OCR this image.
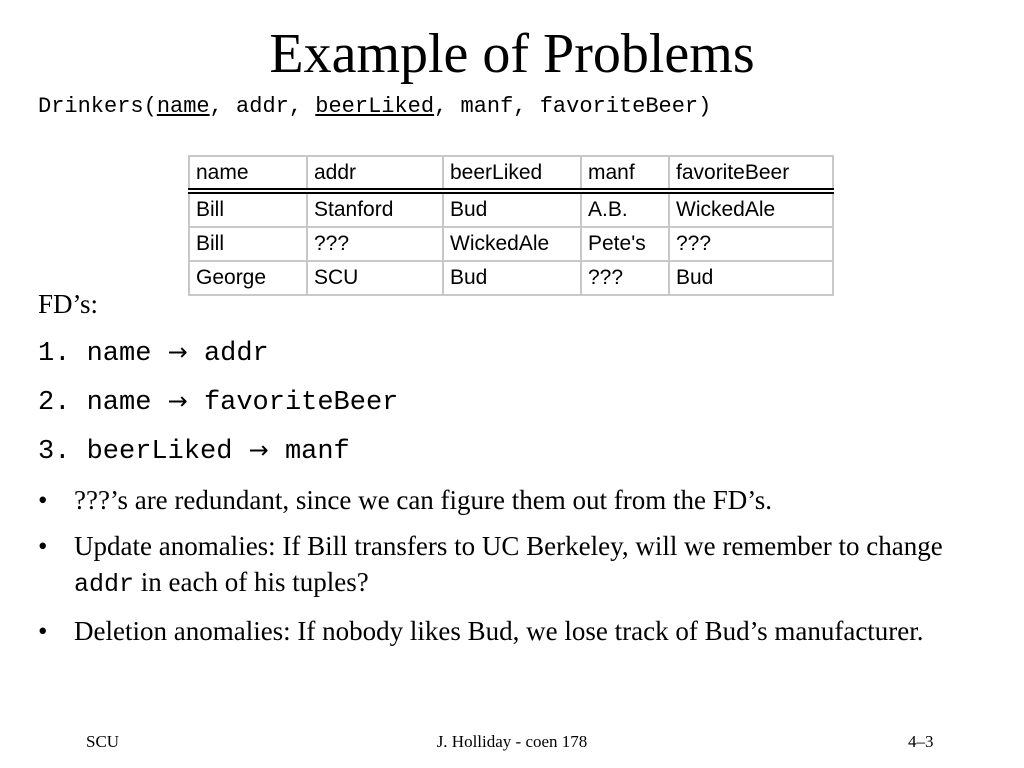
Example of Problems
Drinkers(name, addr, beerLiked, manf, favoriteBeer)
name	addr	beerLiked	manf	favoriteBeer
Bill	Stanford	Bud	A.B.	WickedAle
Bill	???	WickedAle	Pete's	???
George	SCU	Bud	???	Bud
FD’s:
1. name → addr
2. name → favoriteBeer
3. beerLiked → manf
• ???’s are redundant, since we can figure them out from the FD’s.
• Update anomalies: If Bill transfers to UC Berkeley, will we remember to change addr in each of his tuples?
• Deletion anomalies: If nobody likes Bud, we lose track of Bud’s manufacturer.
J. Holliday - coen 178
SCU	4–3
